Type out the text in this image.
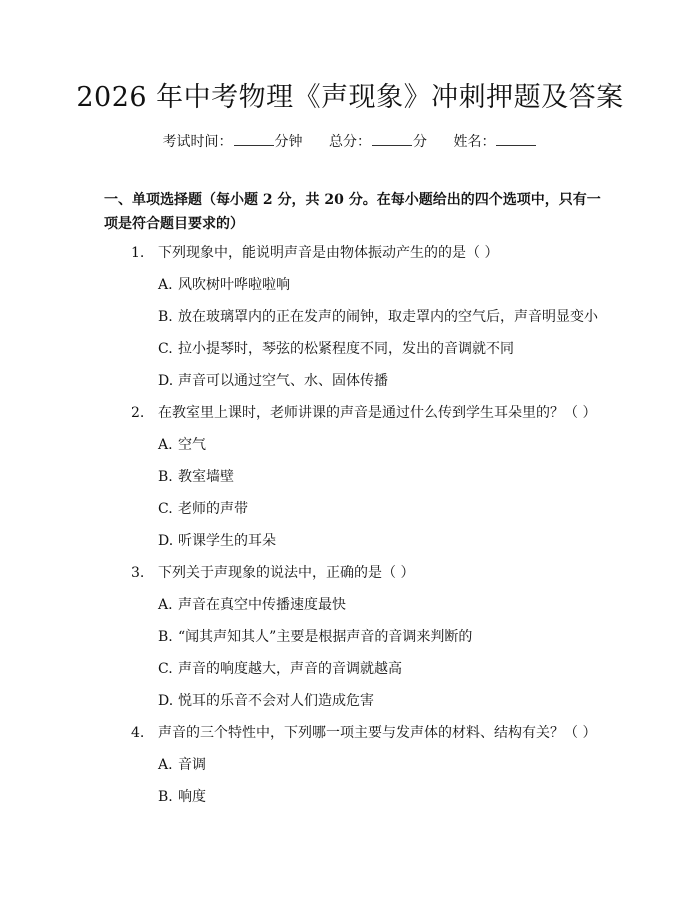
2026 年中考物理《声现象》冲刺押题及答案
考试时间：	分钟 总分：	分 姓名：
一、单项选择题（每小题 2 分，共 20 分。在每小题给出的四个选项中，只有一项是符合题目要求的）
1. 下列现象中，能说明声音是由物体振动产生的的是（ ）
A. 风吹树叶哗啦啦响
B. 放在玻璃罩内的正在发声的闹钟，取走罩内的空气后，声音明显变小
C. 拉小提琴时，琴弦的松紧程度不同，发出的音调就不同
D. 声音可以通过空气、水、固体传播
2. 在教室里上课时，老师讲课的声音是通过什么传到学生耳朵里的？（ ）
A. 空气
B. 教室墙壁
C. 老师的声带
D. 听课学生的耳朵
3. 下列关于声现象的说法中，正确的是（ ）
A. 声音在真空中传播速度最快
B. “闻其声知其人”主要是根据声音的音调来判断的
C. 声音的响度越大，声音的音调就越高
D. 悦耳的乐音不会对人们造成危害
4. 声音的三个特性中，下列哪一项主要与发声体的材料、结构有关？（ ）
A. 音调
B. 响度
